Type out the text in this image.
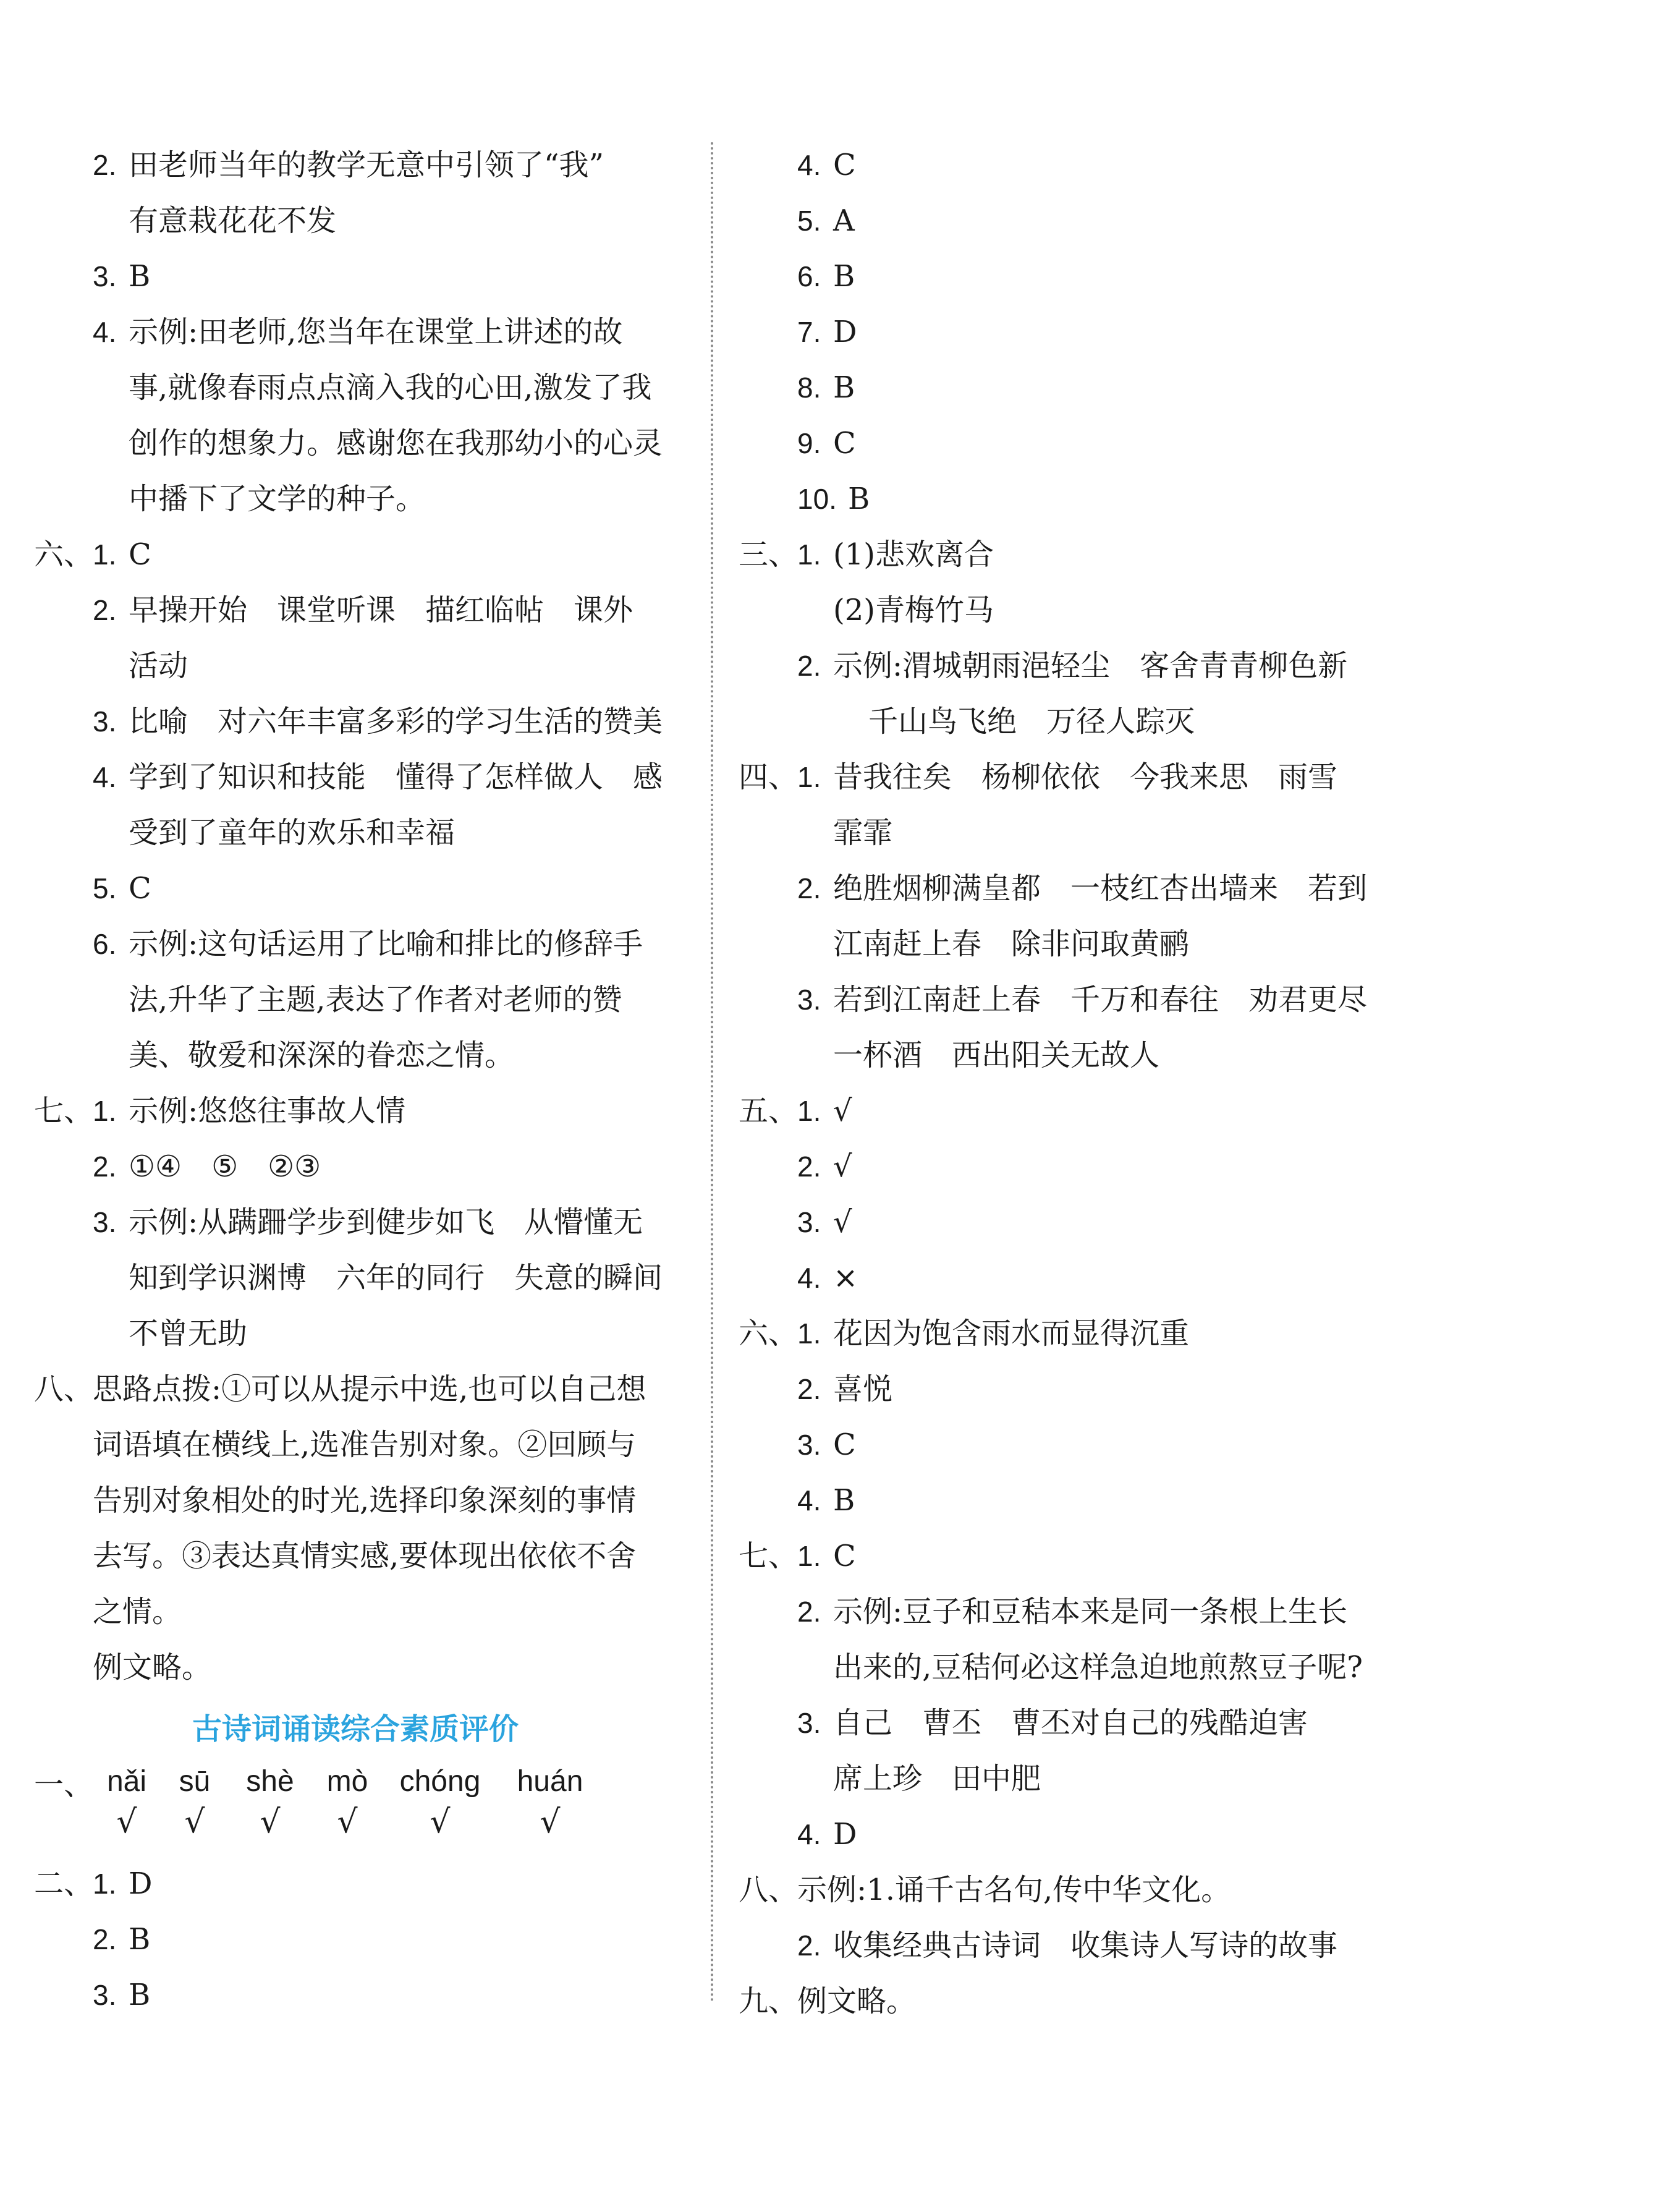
2. 田老师当年的教学无意中引领了“我”
有意栽花花不发
3. B
4. 示例:田老师,您当年在课堂上讲述的故
事,就像春雨点点滴入我的心田,激发了我
创作的想象力。感谢您在我那幼小的心灵
中播下了文学的种子。
六、1. C
2. 早操开始　课堂听课　描红临帖　课外
活动
3. 比喻　对六年丰富多彩的学习生活的赞美
4. 学到了知识和技能　懂得了怎样做人　感
受到了童年的欢乐和幸福
5. C
6. 示例:这句话运用了比喻和排比的修辞手
法,升华了主题,表达了作者对老师的赞
美、敬爱和深深的眷恋之情。
七、1. 示例:悠悠往事故人情
2. ①④　⑤　②③
3. 示例:从蹒跚学步到健步如飞　从懵懂无
知到学识渊博　六年的同行　失意的瞬间
不曾无助
八、思路点拨:①可以从提示中选,也可以自己想
词语填在横线上,选准告别对象。②回顾与
告别对象相处的时光,选择印象深刻的事情
去写。③表达真情实感,要体现出依依不舍
之情。
例文略。
古诗词诵读综合素质评价
一、 nǎi
√
sū
√
shè
√
mò
√
chóng
√
huán
√
二、1. D
2. B
3. B
4. C
5. A
6. B
7. D
8. B
9. C
10. B
三、1. (1)悲欢离合
(2)青梅竹马
2. 示例:渭城朝雨浥轻尘　客舍青青柳色新
千山鸟飞绝　万径人踪灭
四、1. 昔我往矣　杨柳依依　今我来思　雨雪
霏霏
2. 绝胜烟柳满皇都　一枝红杏出墙来　若到
江南赶上春　除非问取黄鹂
3. 若到江南赶上春　千万和春往　劝君更尽
一杯酒　西出阳关无故人
五、1. √
2. √
3. √
4. ×
六、1. 花因为饱含雨水而显得沉重
2. 喜悦
3. C
4. B
七、1. C
2. 示例:豆子和豆秸本来是同一条根上生长
出来的,豆秸何必这样急迫地煎熬豆子呢?
3. 自己　曹丕　曹丕对自己的残酷迫害
席上珍　田中肥
4. D
八、示例:1.诵千古名句,传中华文化。
2. 收集经典古诗词　收集诗人写诗的故事
九、例文略。
